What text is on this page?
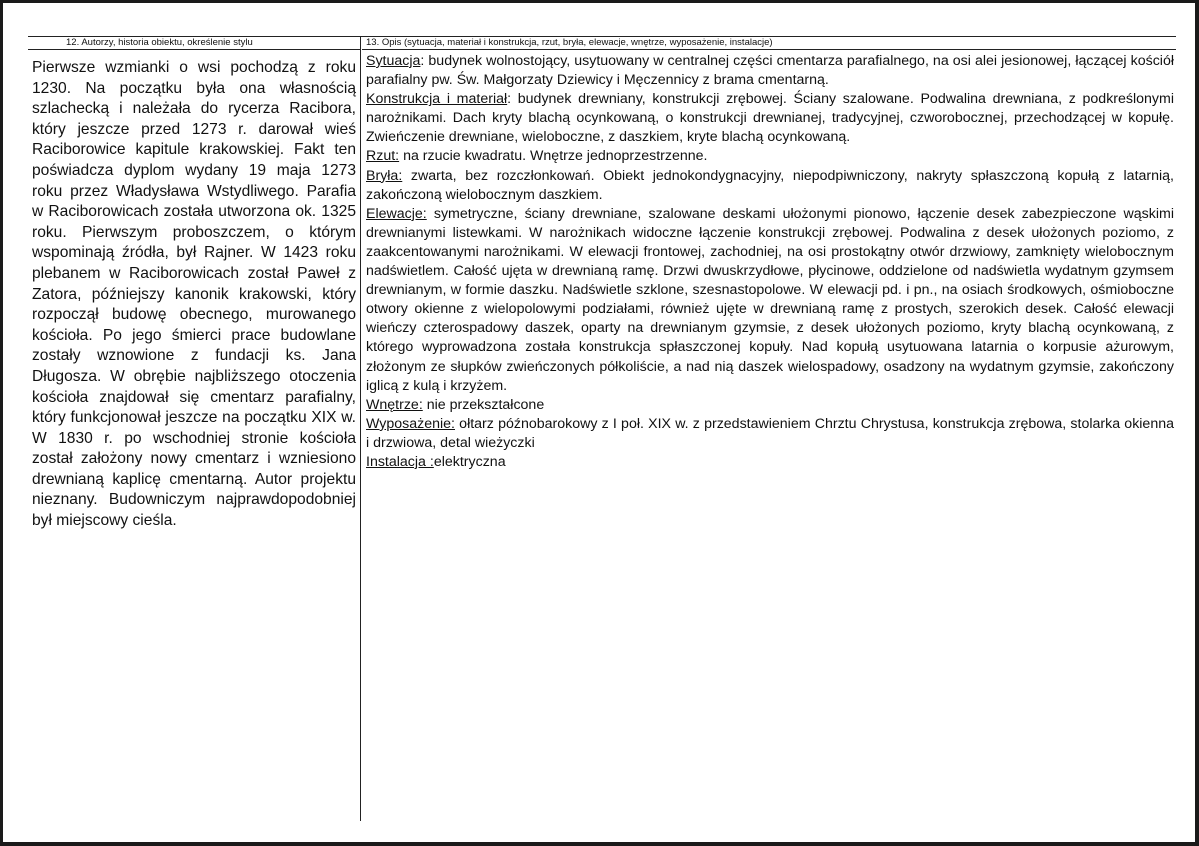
12. Autorzy, historia obiektu, określenie stylu

Pierwsze wzmianki o wsi pochodzą z roku 1230. Na początku była ona własnością szlachecką i należała do rycerza Racibora, który jeszcze przed 1273 r. darował wieś Raciborowice kapitule krakowskiej. Fakt ten poświadcza dyplom wydany 19 maja 1273 roku przez Władysława Wstydliwego. Parafia w Raciborowicach została utworzona ok. 1325 roku. Pierwszym proboszczem, o którym wspominają źródła, był Rajner. W 1423 roku plebanem w Raciborowicach został Paweł z Zatora, późniejszy kanonik krakowski, który rozpoczął budowę obecnego, murowanego kościoła. Po jego śmierci prace budowlane zostały wznowione z fundacji ks. Jana Długosza. W obrębie najbliższego otoczenia kościoła znajdował się cmentarz parafialny, który funkcjonował jeszcze na początku XIX w. W 1830 r. po wschodniej stronie kościoła został założony nowy cmentarz i wzniesiono drewnianą kaplicę cmentarną. Autor projektu nieznany. Budowniczym najprawdopodobniej był miejscowy cieśla.

13. Opis (sytuacja, materiał i konstrukcja, rzut, bryła, elewacje, wnętrze, wyposażenie, instalacje)

Sytuacja: budynek wolnostojący, usytuowany w centralnej części cmentarza parafialnego, na osi alei jesionowej, łączącej kościół parafialny pw. Św. Małgorzaty Dziewicy i Męczennicy z brama cmentarną.

Konstrukcja i materiał: budynek drewniany, konstrukcji zrębowej. Ściany szalowane. Podwalina drewniana, z podkreślonymi narożnikami. Dach kryty blachą ocynkowaną, o konstrukcji drewnianej, tradycyjnej, czworobocznej, przechodzącej w kopułę. Zwieńczenie drewniane, wieloboczne, z daszkiem, kryte blachą ocynkowaną.

Rzut: na rzucie kwadratu. Wnętrze jednoprzestrzenne.

Bryła: zwarta, bez rozczłonkowań. Obiekt jednokondygnacyjny, niepodpiwniczony, nakryty spłaszczoną kopułą z latarnią, zakończoną wielobocznym daszkiem.

Elewacje: symetryczne, ściany drewniane, szalowane deskami ułożonymi pionowo, łączenie desek zabezpieczone wąskimi drewnianymi listewkami. W narożnikach widoczne łączenie konstrukcji zrębowej. Podwalina z desek ułożonych poziomo, z zaakcentowanymi narożnikami. W elewacji frontowej, zachodniej, na osi prostokątny otwór drzwiowy, zamknięty wielobocznym nadświetlem. Całość ujęta w drewnianą ramę. Drzwi dwuskrzydłowe, płycinowe, oddzielone od nadświetla wydatnym gzymsem drewnianym, w formie daszku. Nadświetle szklone, szesnastopolowe. W elewacji pd. i pn., na osiach środkowych, ośmioboczne otwory okienne z wielopolowymi podziałami, również ujęte w drewnianą ramę z prostych, szerokich desek. Całość elewacji wieńczy czterospadowy daszek, oparty na drewnianym gzymsie, z desek ułożonych poziomo, kryty blachą ocynkowaną, z którego wyprowadzona została konstrukcja spłaszczonej kopuły. Nad kopułą usytuowana latarnia o korpusie ażurowym, złożonym ze słupków zwieńczonych półkoliście, a nad nią daszek wielospadowy, osadzony na wydatnym gzymsie, zakończony iglicą z kulą i krzyżem.

Wnętrze: nie przekształcone

Wyposażenie: ołtarz późnobarokowy z I poł. XIX w. z przedstawieniem Chrztu Chrystusa, konstrukcja zrębowa, stolarka okienna i drzwiowa, detal wieżyczki

Instalacja :elektryczna
